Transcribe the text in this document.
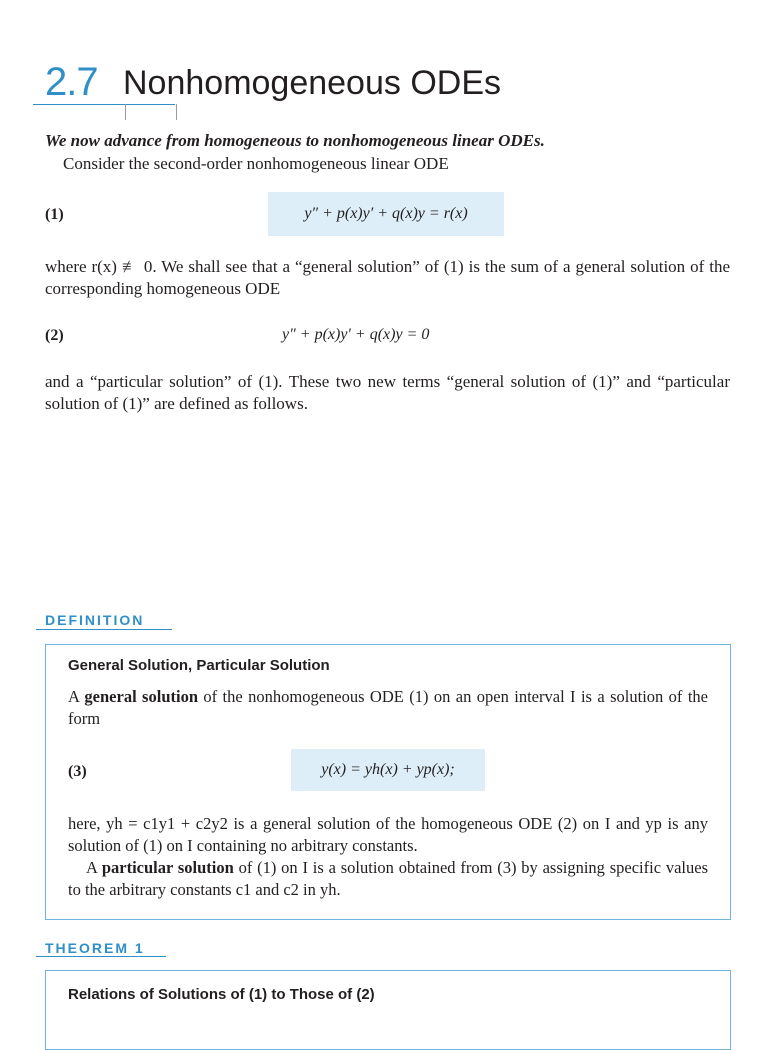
2.7 Nonhomogeneous ODEs
We now advance from homogeneous to nonhomogeneous linear ODEs.
Consider the second-order nonhomogeneous linear ODE
(1)	y″ + p(x)y′ + q(x)y = r(x)
where r(x) ≢ 0. We shall see that a “general solution” of (1) is the sum of a general solution of the corresponding homogeneous ODE
(2)	y″ + p(x)y′ + q(x)y = 0
and a “particular solution” of (1). These two new terms “general solution of (1)” and “particular solution of (1)” are defined as follows.
DEFINITION
General Solution, Particular Solution
A general solution of the nonhomogeneous ODE (1) on an open interval I is a solution of the form
(3)	y(x) = yh(x) + yp(x);
here, yh = c1y1 + c2y2 is a general solution of the homogeneous ODE (2) on I and yp is any solution of (1) on I containing no arbitrary constants.
A particular solution of (1) on I is a solution obtained from (3) by assigning specific values to the arbitrary constants c1 and c2 in yh.
THEOREM 1
Relations of Solutions of (1) to Those of (2)
